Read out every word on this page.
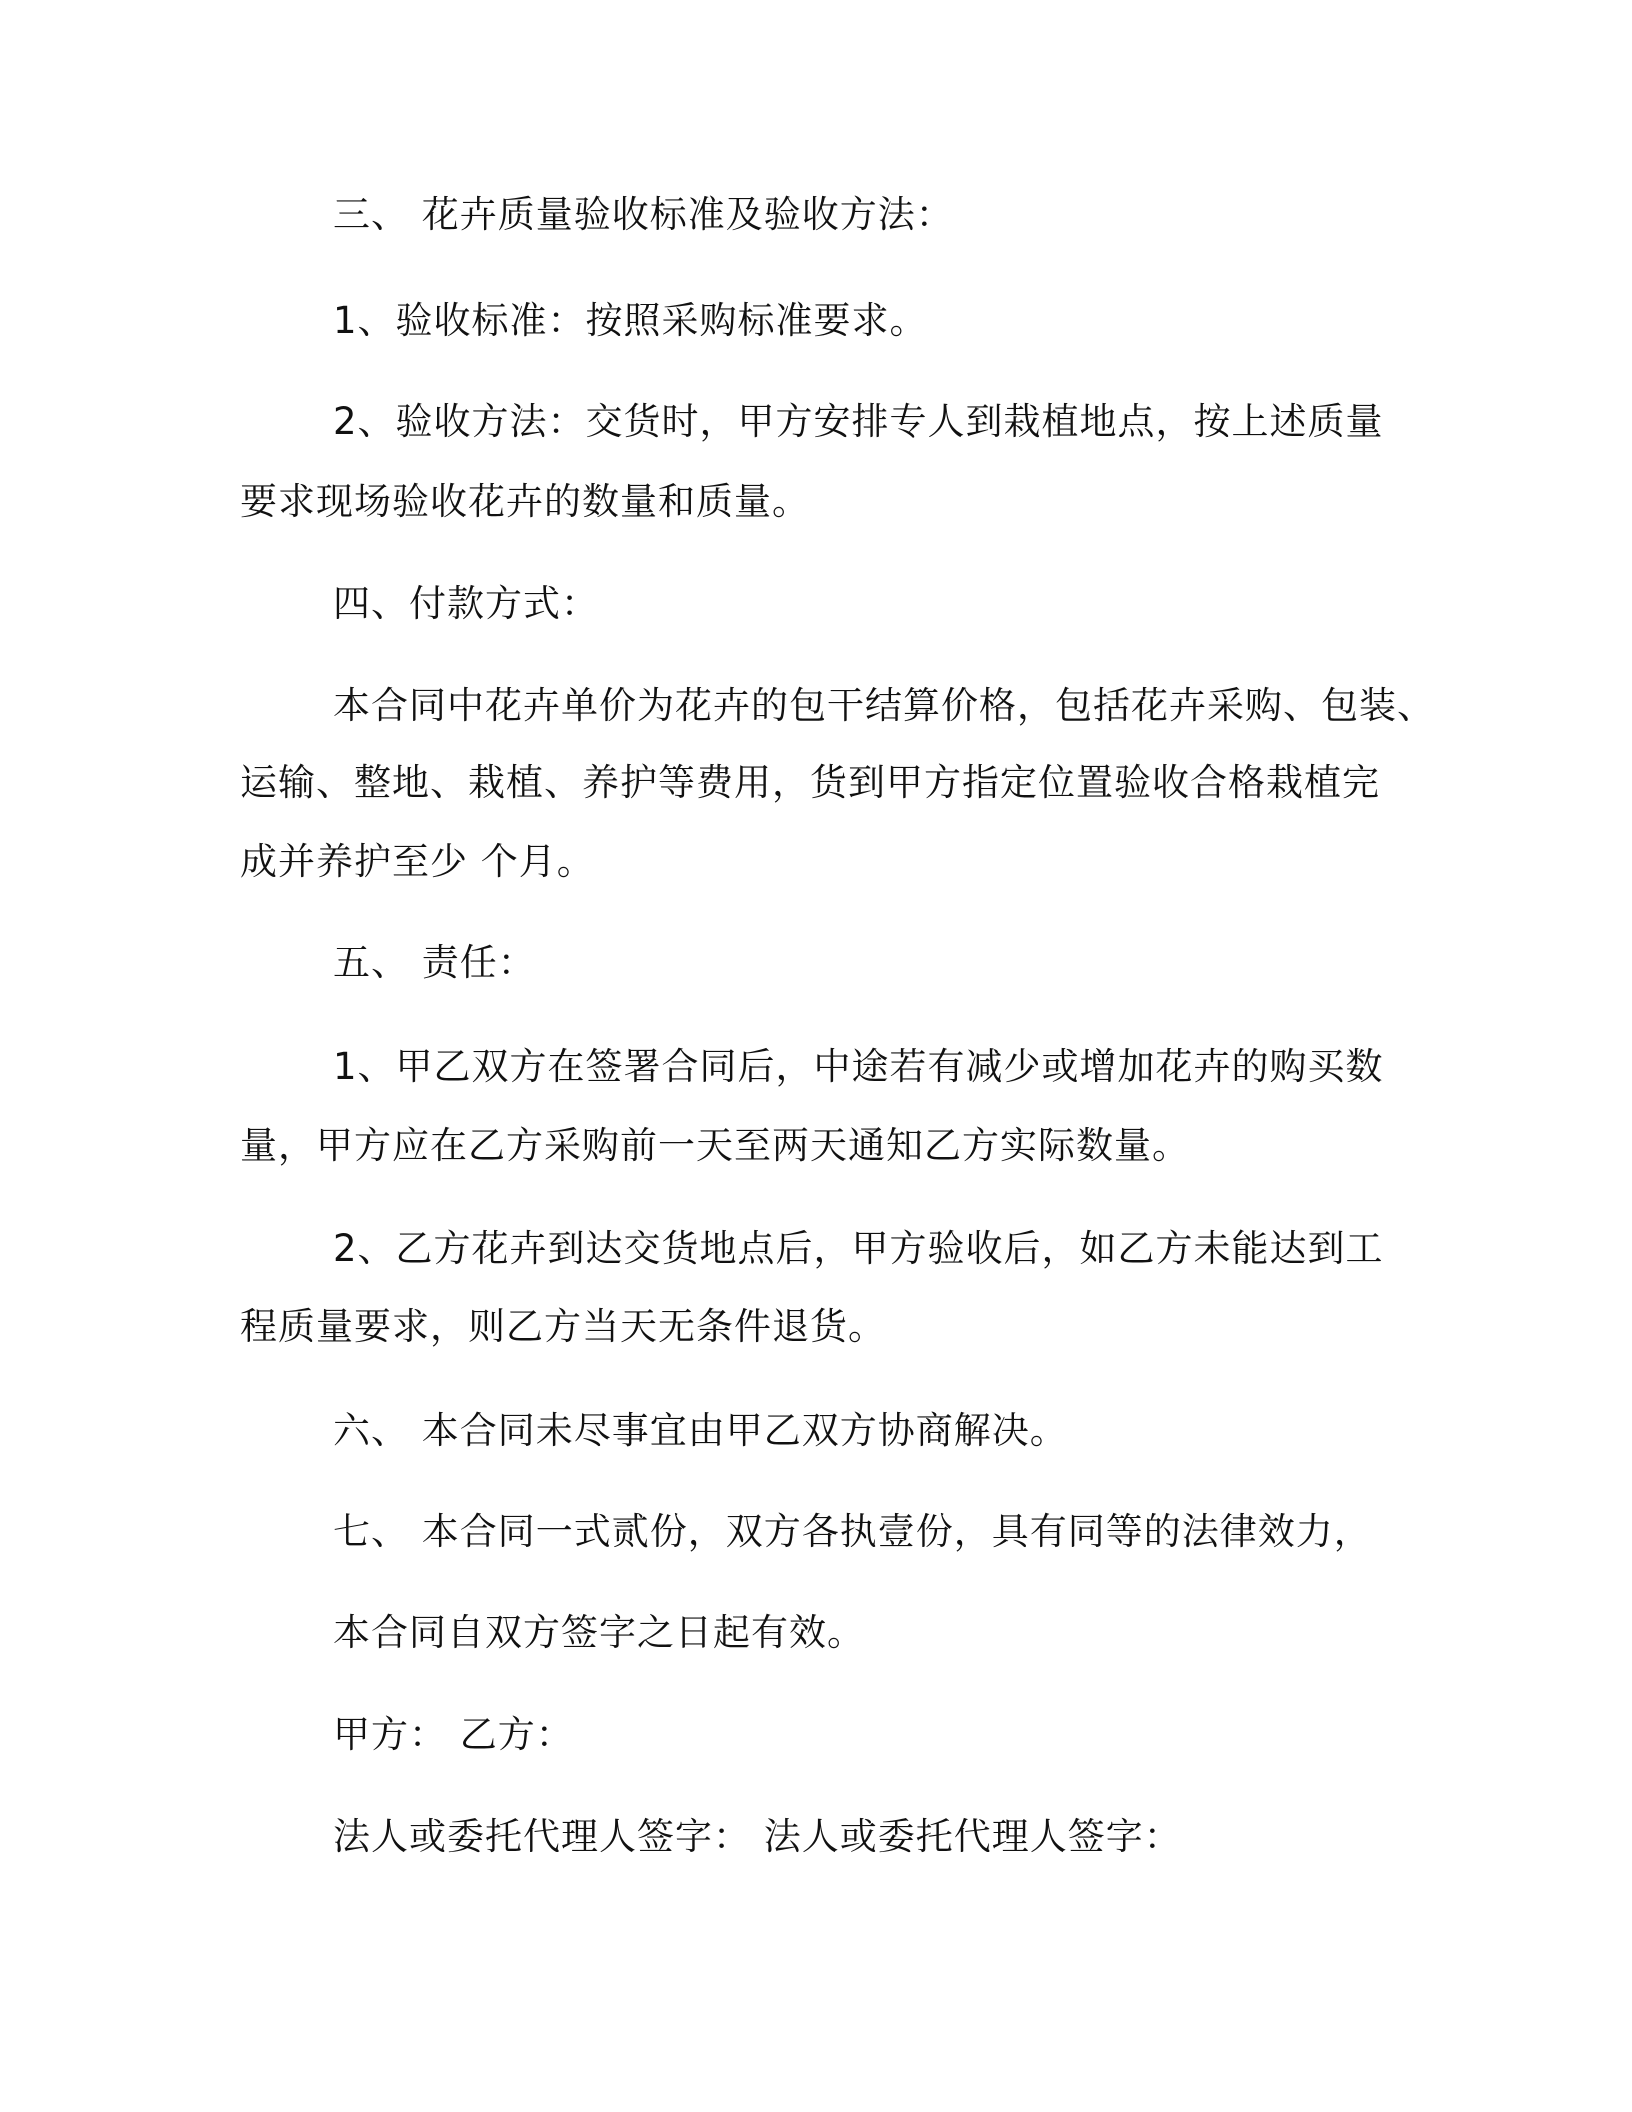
三、 花卉质量验收标准及验收方法：
1、验收标准：按照采购标准要求。
2、验收方法：交货时，甲方安排专人到栽植地点，按上述质量
要求现场验收花卉的数量和质量。
四、付款方式：
本合同中花卉单价为花卉的包干结算价格，包括花卉采购、包装、
运输、整地、栽植、养护等费用，货到甲方指定位置验收合格栽植完
成并养护至少 个月。
五、 责任：
1、甲乙双方在签署合同后，中途若有减少或增加花卉的购买数
量，甲方应在乙方采购前一天至两天通知乙方实际数量。
2、乙方花卉到达交货地点后，甲方验收后，如乙方未能达到工
程质量要求，则乙方当天无条件退货。
六、 本合同未尽事宜由甲乙双方协商解决。
七、 本合同一式贰份，双方各执壹份，具有同等的法律效力，
本合同自双方签字之日起有效。
甲方： 乙方：
法人或委托代理人签字： 法人或委托代理人签字：
